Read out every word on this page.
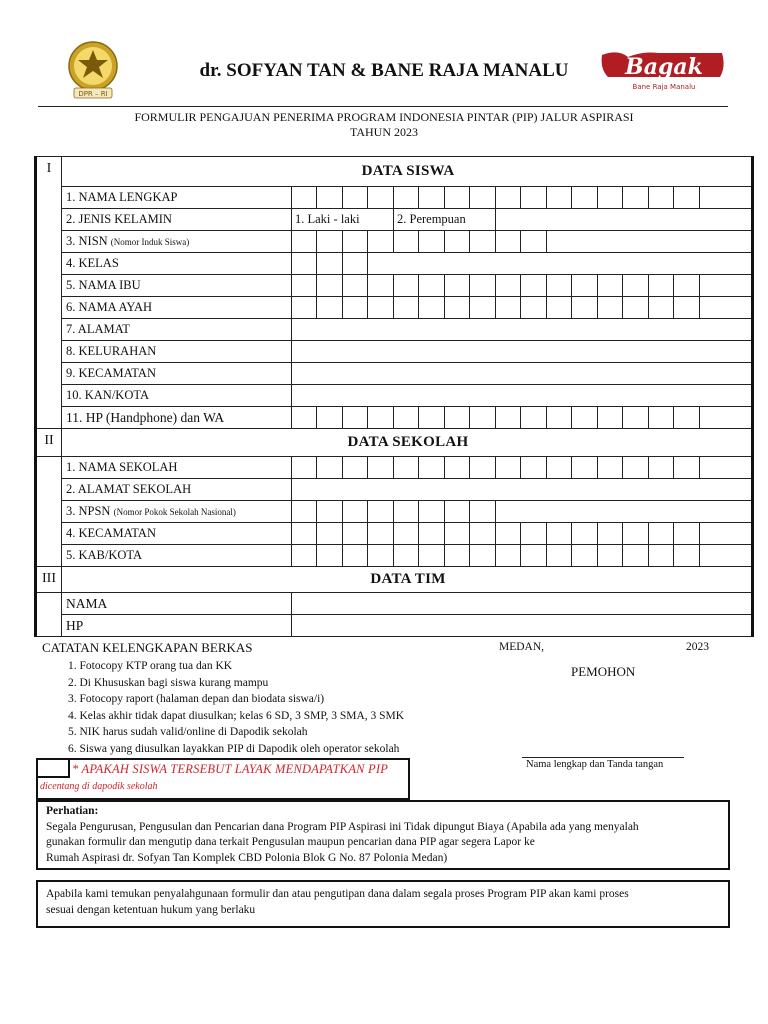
DPR – RI
dr. SOFYAN TAN & BANE RAJA MANALU	Bagak
Bane Raja Manalu
FORMULIR PENGAJUAN PENERIMA PROGRAM INDONESIA PINTAR (PIP) JALUR ASPIRASI
TAHUN 2023
I	DATA SISWA																	
	1. NAMA LENGKAP																	
	2. JENIS KELAMIN	1. Laki - laki				2. Perempuan												
	3. NISN (Nomor Induk Siswa)																	
	4. KELAS																	
	5. NAMA IBU																	
	6. NAMA AYAH																	
	7. ALAMAT																	
	8. KELURAHAN																	
	9. KECAMATAN																	
	10. KAN/KOTA																	
	11. HP (Handphone) dan WA																	
II	DATA SEKOLAH																	
	1. NAMA SEKOLAH																	
	2. ALAMAT SEKOLAH																	
	3. NPSN (Nomor Pokok Sekolah Nasional)																	
	4. KECAMATAN																	
	5. KAB/KOTA																	
III	DATA TIM																	
	NAMA																	
	HP																	
CATATAN KELENGKAPAN BERKAS	MEDAN,	2023
PEMOHON
1. Fotocopy KTP orang tua dan KK
2. Di Khususkan bagi siswa kurang mampu
3. Fotocopy raport (halaman depan dan biodata siswa/i)
4. Kelas akhir tidak dapat diusulkan; kelas 6 SD, 3 SMP, 3 SMA, 3 SMK
5. NIK harus sudah valid/online di Dapodik sekolah
6. Siswa yang diusulkan layakkan PIP di Dapodik oleh operator sekolah
Nama lengkap dan Tanda tangan
* APAKAH SISWA TERSEBUT LAYAK MENDAPATKAN PIP
dicentang di dapodik sekolah
Perhatian:
Segala Pengurusan, Pengusulan dan Pencarian dana Program PIP Aspirasi ini Tidak dipungut Biaya (Apabila ada yang menyalah
gunakan formulir dan mengutip dana terkait Pengusulan maupun pencarian dana PIP agar segera Lapor ke
Rumah Aspirasi dr. Sofyan Tan Komplek CBD Polonia Blok G No. 87 Polonia Medan)
Apabila kami temukan penyalahgunaan formulir dan atau pengutipan dana dalam segala proses Program PIP akan kami proses
sesuai dengan ketentuan hukum yang berlaku
